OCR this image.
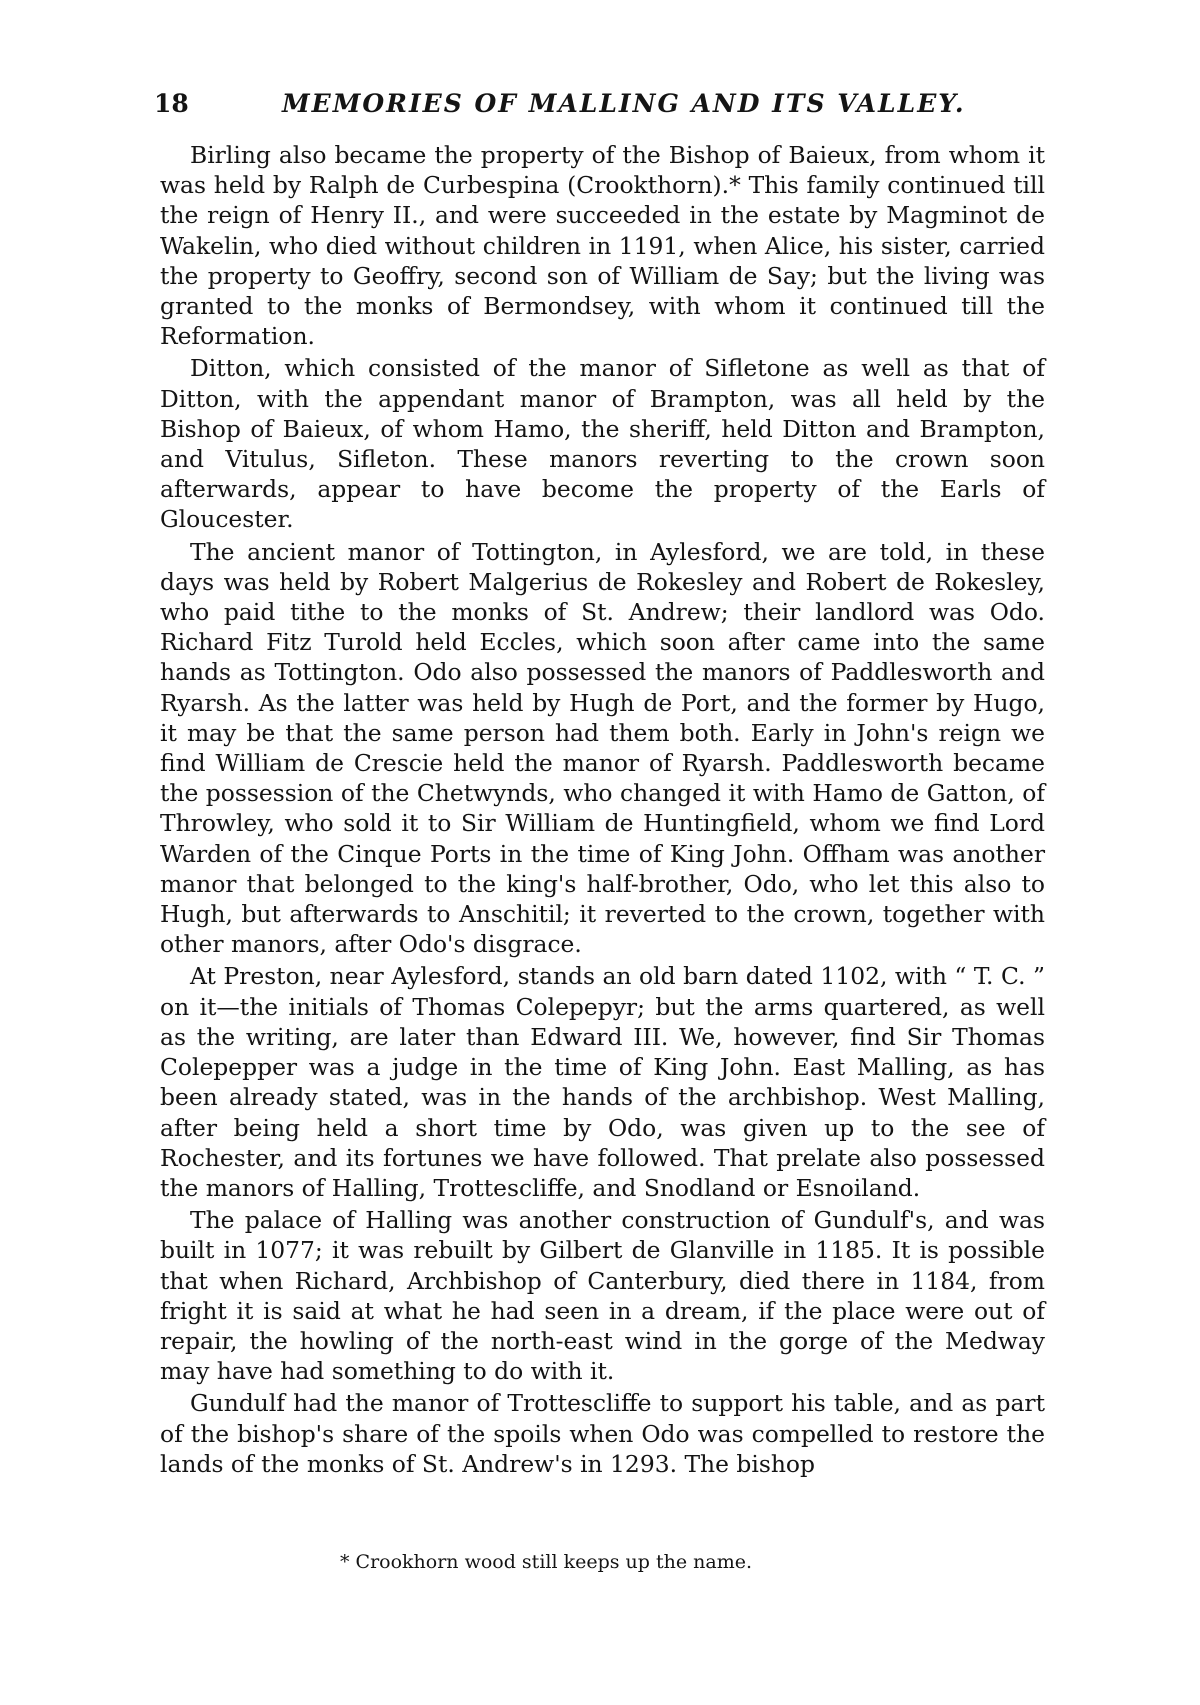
18	MEMORIES OF MALLING AND ITS VALLEY.

Birling also became the property of the Bishop of Baieux, from whom it was held by Ralph de Curbespina (Crookthorn).* This family continued till the reign of Henry II., and were succeeded in the estate by Magminot de Wakelin, who died without children in 1191, when Alice, his sister, carried the property to Geoffry, second son of William de Say; but the living was granted to the monks of Bermondsey, with whom it continued till the Reformation.

Ditton, which consisted of the manor of Sifletone as well as that of Ditton, with the appendant manor of Brampton, was all held by the Bishop of Baieux, of whom Hamo, the sheriff, held Ditton and Brampton, and Vitulus, Sifleton. These manors reverting to the crown soon afterwards, appear to have become the property of the Earls of Gloucester.

The ancient manor of Tottington, in Aylesford, we are told, in these days was held by Robert Malgerius de Rokesley and Robert de Rokesley, who paid tithe to the monks of St. Andrew; their landlord was Odo. Richard Fitz Turold held Eccles, which soon after came into the same hands as Tottington. Odo also possessed the manors of Paddlesworth and Ryarsh. As the latter was held by Hugh de Port, and the former by Hugo, it may be that the same person had them both. Early in John's reign we find William de Crescie held the manor of Ryarsh. Paddlesworth became the possession of the Chetwynds, who changed it with Hamo de Gatton, of Throwley, who sold it to Sir William de Huntingfield, whom we find Lord Warden of the Cinque Ports in the time of King John. Offham was another manor that belonged to the king's half-brother, Odo, who let this also to Hugh, but afterwards to Anschitil; it reverted to the crown, together with other manors, after Odo's disgrace.

At Preston, near Aylesford, stands an old barn dated 1102, with “ T. C. ” on it—the initials of Thomas Colepepyr; but the arms quartered, as well as the writing, are later than Edward III. We, however, find Sir Thomas Colepepper was a judge in the time of King John. East Malling, as has been already stated, was in the hands of the archbishop. West Malling, after being held a short time by Odo, was given up to the see of Rochester, and its fortunes we have followed. That prelate also possessed the manors of Halling, Trottescliffe, and Snodland or Esnoiland.

The palace of Halling was another construction of Gundulf's, and was built in 1077; it was rebuilt by Gilbert de Glanville in 1185. It is possible that when Richard, Archbishop of Canterbury, died there in 1184, from fright it is said at what he had seen in a dream, if the place were out of repair, the howling of the north-east wind in the gorge of the Medway may have had something to do with it.

Gundulf had the manor of Trottescliffe to support his table, and as part of the bishop's share of the spoils when Odo was compelled to restore the lands of the monks of St. Andrew's in 1293. The bishop

* Crookhorn wood still keeps up the name.
